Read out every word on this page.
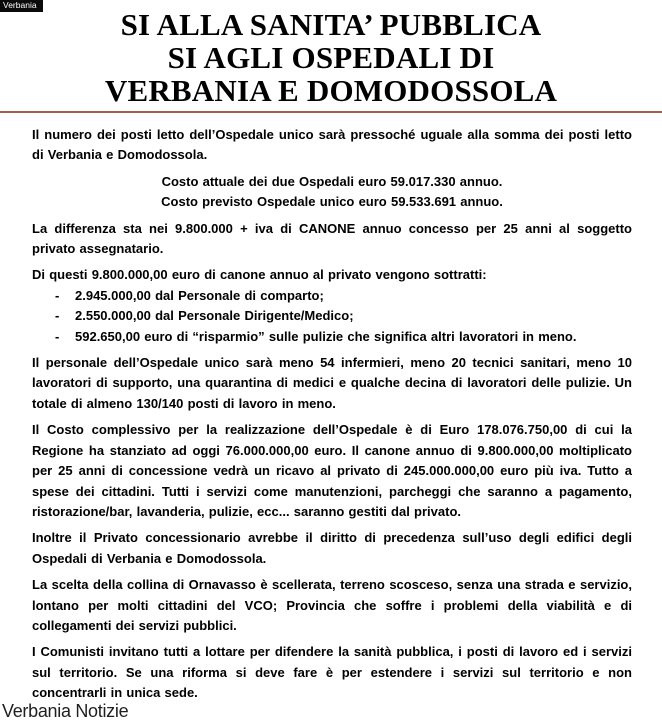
Verbania
SI ALLA SANITA’ PUBBLICA
SI AGLI OSPEDALI DI
VERBANIA E DOMODOSSOLA

Il numero dei posti letto dell’Ospedale unico sarà pressoché uguale alla somma dei posti letto di Verbania e Domodossola.

Costo attuale dei due Ospedali euro 59.017.330 annuo.
Costo previsto Ospedale unico euro 59.533.691 annuo.

La differenza sta nei 9.800.000 + iva di CANONE annuo concesso per 25 anni al soggetto privato assegnatario.

Di questi 9.800.000,00 euro di canone annuo al privato vengono sottratti:

-	2.945.000,00 dal Personale di comparto;
-	2.550.000,00 dal Personale Dirigente/Medico;
-	592.650,00 euro di “risparmio” sulle pulizie che significa altri lavoratori in meno.

Il personale dell’Ospedale unico sarà meno 54 infermieri, meno 20 tecnici sanitari, meno 10 lavoratori di supporto, una quarantina di medici e qualche decina di lavoratori delle pulizie. Un totale di almeno 130/140 posti di lavoro in meno.

Il Costo complessivo per la realizzazione dell’Ospedale è di Euro 178.076.750,00 di cui la Regione ha stanziato ad oggi 76.000.000,00 euro. Il canone annuo di 9.800.000,00 moltiplicato per 25 anni di concessione vedrà un ricavo al privato di 245.000.000,00 euro più iva. Tutto a spese dei cittadini. Tutti i servizi come manutenzioni, parcheggi che saranno a pagamento, ristorazione/bar, lavanderia, pulizie, ecc... saranno gestiti dal privato.

Inoltre il Privato concessionario avrebbe il diritto di precedenza sull’uso degli edifici degli Ospedali di Verbania e Domodossola.

La scelta della collina di Ornavasso è scellerata, terreno scosceso, senza una strada e servizio, lontano per molti cittadini del VCO; Provincia che soffre i problemi della viabilità e di collegamenti dei servizi pubblici.

I Comunisti invitano tutti a lottare per difendere la sanità pubblica, i posti di lavoro ed i servizi sul territorio. Se una riforma si deve fare è per estendere i servizi sul territorio e non concentrarli in unica sede.

Verbania Notizie
